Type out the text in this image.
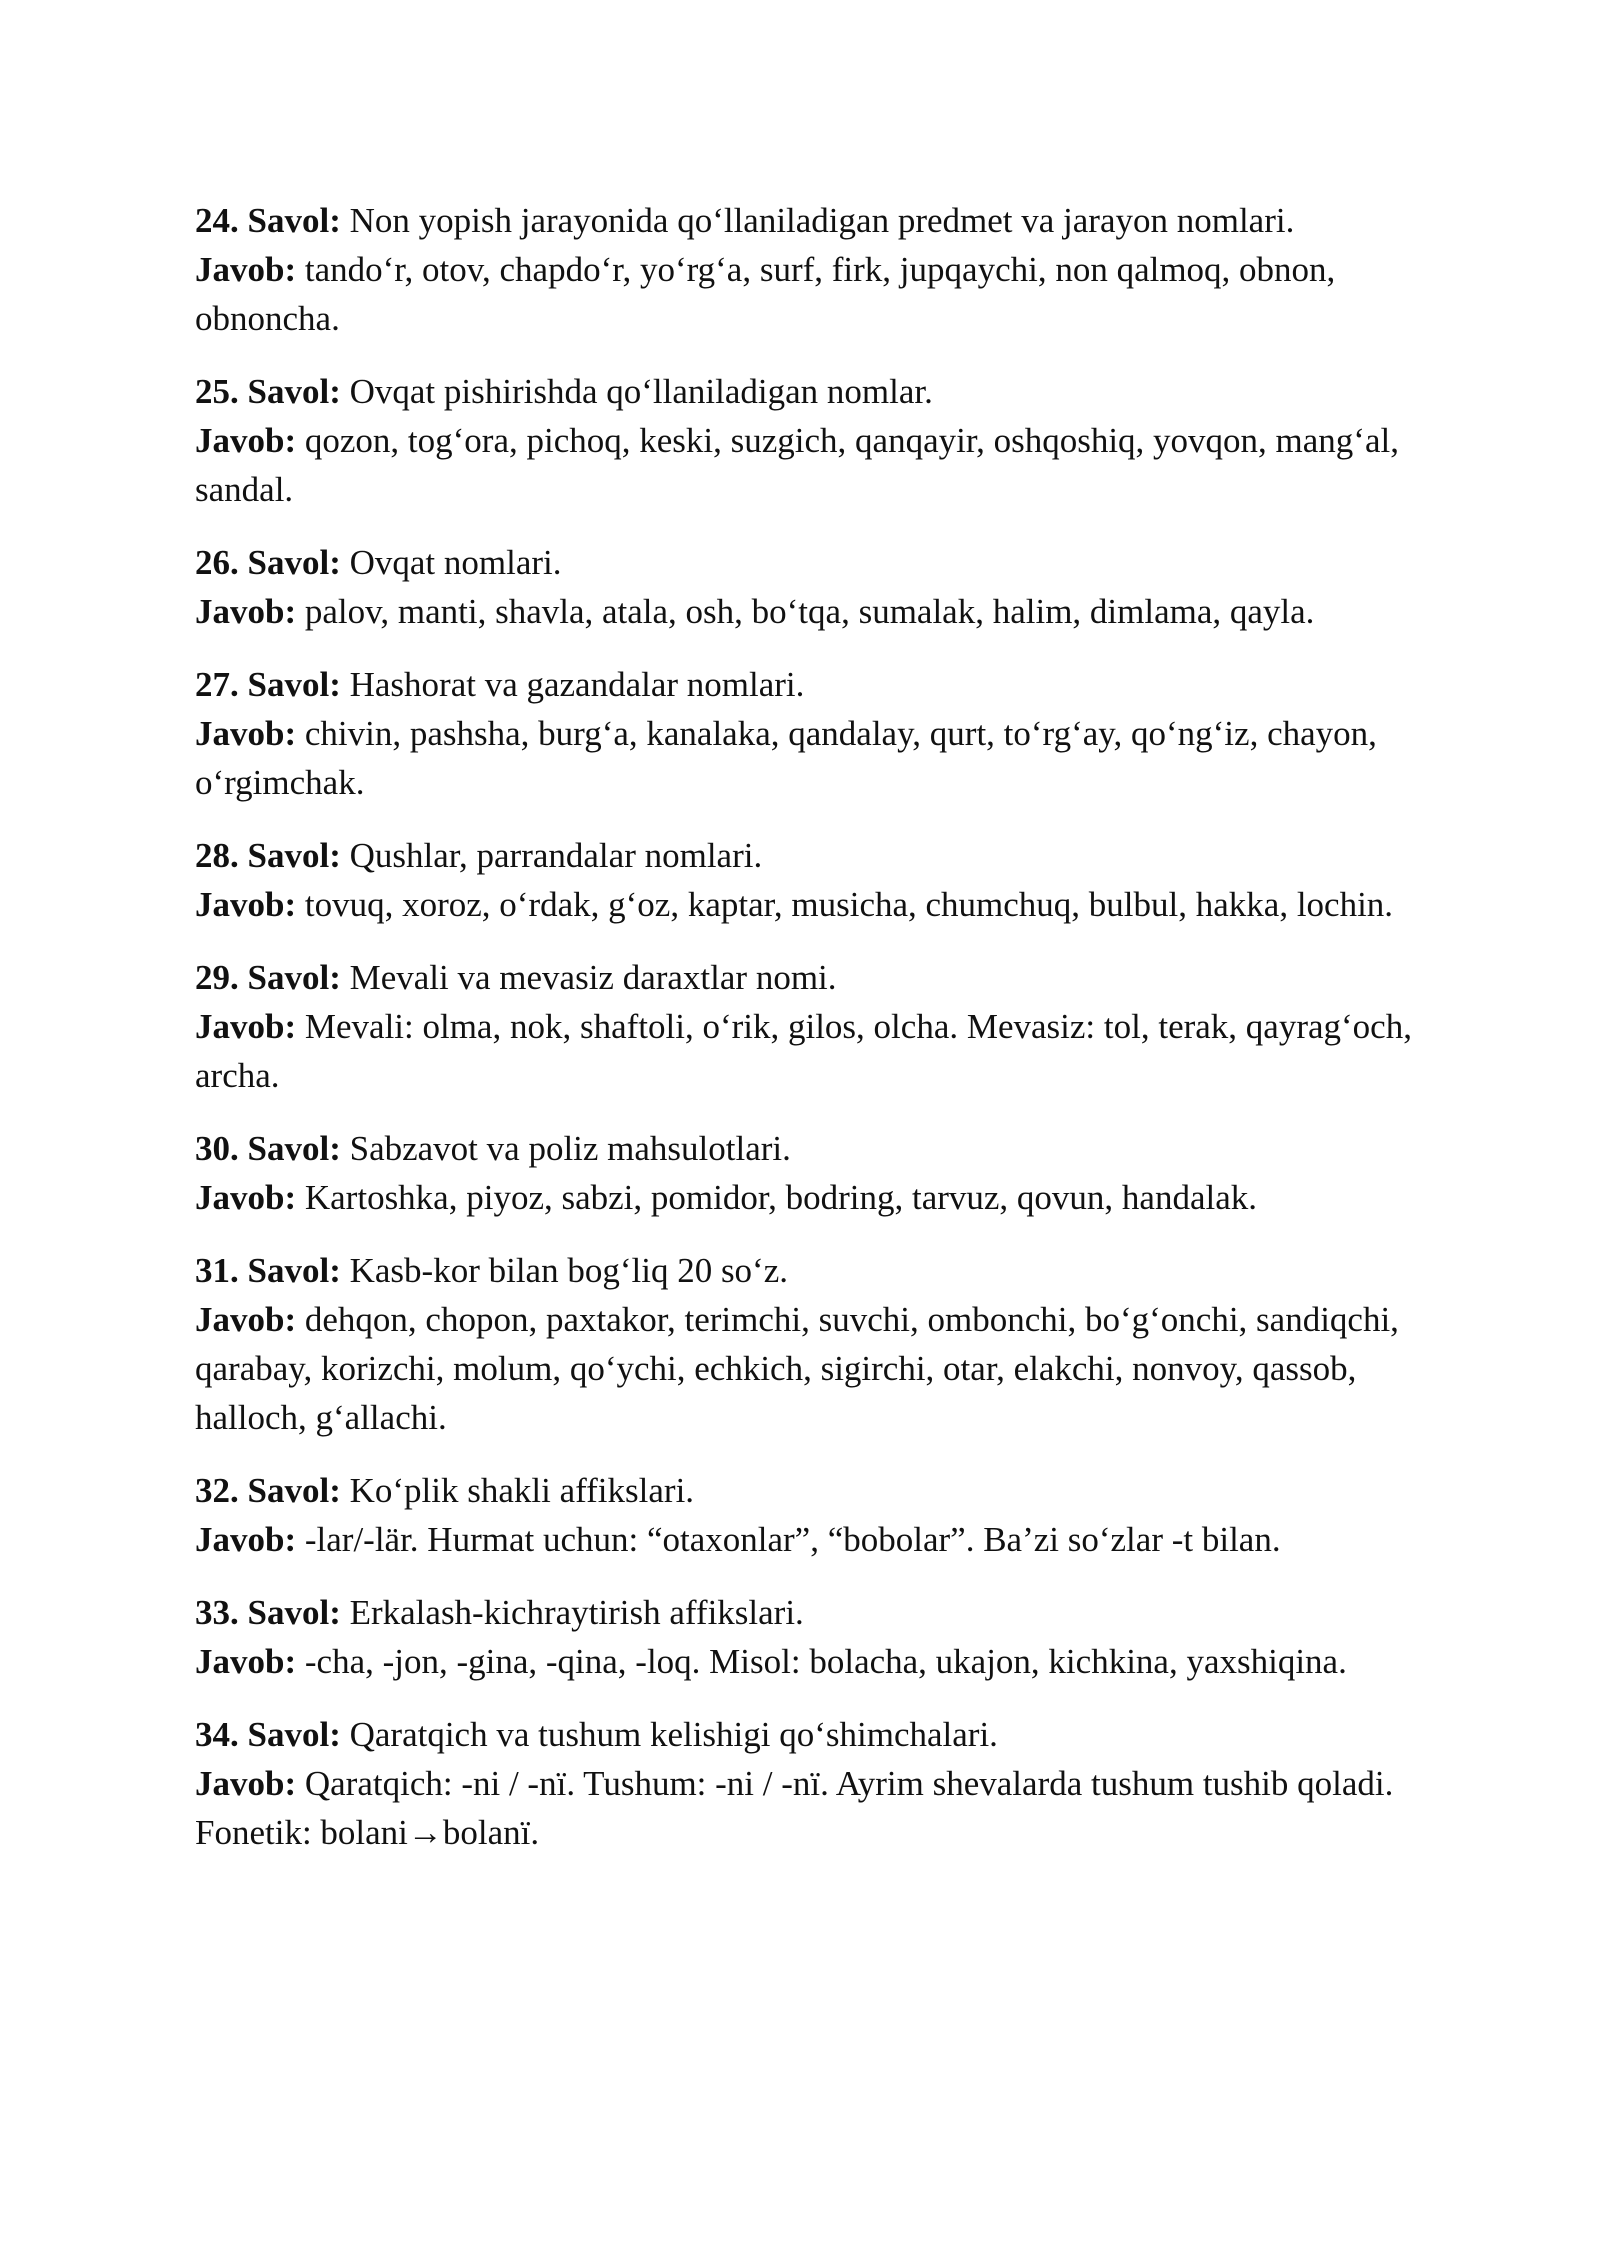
24. Savol: Non yopish jarayonida qo‘llaniladigan predmet va jarayon nomlari.
Javob: tando‘r, otov, chapdo‘r, yo‘rg‘a, surf, firk, jupqaychi, non qalmoq, obnon, obnoncha.
25. Savol: Ovqat pishirishda qo‘llaniladigan nomlar.
Javob: qozon, tog‘ora, pichoq, keski, suzgich, qanqayir, oshqoshiq, yovqon, mang‘al, sandal.
26. Savol: Ovqat nomlari.
Javob: palov, manti, shavla, atala, osh, bo‘tqa, sumalak, halim, dimlama, qayla.
27. Savol: Hashorat va gazandalar nomlari.
Javob: chivin, pashsha, burg‘a, kanalaka, qandalay, qurt, to‘rg‘ay, qo‘ng‘iz, chayon, o‘rgimchak.
28. Savol: Qushlar, parrandalar nomlari.
Javob: tovuq, xoroz, o‘rdak, g‘oz, kaptar, musicha, chumchuq, bulbul, hakka, lochin.
29. Savol: Mevali va mevasiz daraxtlar nomi.
Javob: Mevali: olma, nok, shaftoli, o‘rik, gilos, olcha. Mevasiz: tol, terak, qayrag‘och, archa.
30. Savol: Sabzavot va poliz mahsulotlari.
Javob: Kartoshka, piyoz, sabzi, pomidor, bodring, tarvuz, qovun, handalak.
31. Savol: Kasb-kor bilan bog‘liq 20 so‘z.
Javob: dehqon, chopon, paxtakor, terimchi, suvchi, ombonchi, bo‘g‘onchi, sandiqchi, qarabay, korizchi, molum, qo‘ychi, echkich, sigirchi, otar, elakchi, nonvoy, qassob, halloch, g‘allachi.
32. Savol: Ko‘plik shakli affikslari.
Javob: -lar/-lär. Hurmat uchun: “otaxonlar”, “bobolar”. Ba’zi so‘zlar -t bilan.
33. Savol: Erkalash-kichraytirish affikslari.
Javob: -cha, -jon, -gina, -qina, -loq. Misol: bolacha, ukajon, kichkina, yaxshiqina.
34. Savol: Qaratqich va tushum kelishigi qo‘shimchalari.
Javob: Qaratqich: -ni / -nï. Tushum: -ni / -nï. Ayrim shevalarda tushum tushib qoladi. Fonetik: bolani→bolanï.
